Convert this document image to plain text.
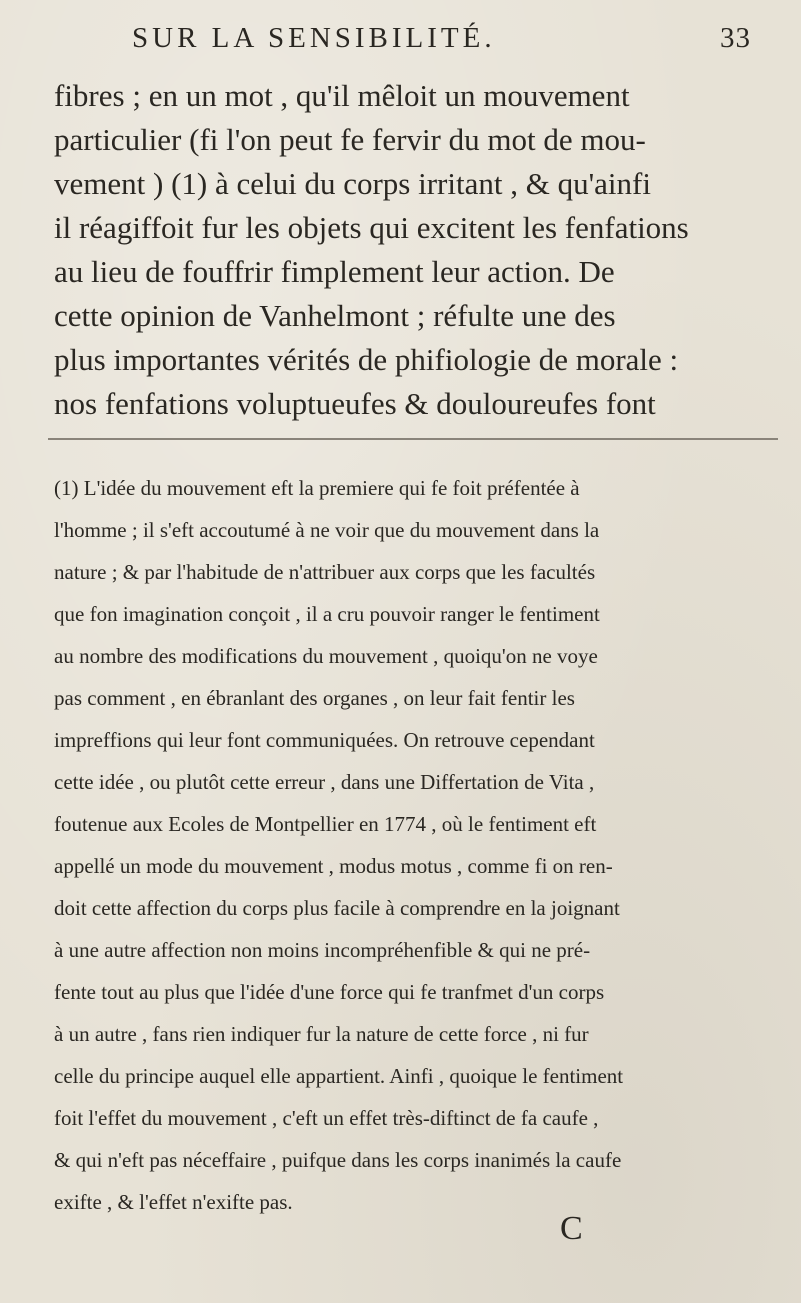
SUR LA SENSIBILITÉ.	33
fibres ; en un mot , qu'il mêloit un mouvement
particulier (fi l'on peut fe fervir du mot de mou-
vement ) (1) à celui du corps irritant , & qu'ainfi
il réagiffoit fur les objets qui excitent les fenfations
au lieu de fouffrir fimplement leur action. De
cette opinion de Vanhelmont ; réfulte une des
plus importantes vérités de phifiologie de morale :
nos fenfations voluptueufes & douloureufes font
(1) L'idée du mouvement eft la premiere qui fe foit préfentée à
l'homme ; il s'eft accoutumé à ne voir que du mouvement dans la
nature ; & par l'habitude de n'attribuer aux corps que les facultés
que fon imagination conçoit , il a cru pouvoir ranger le fentiment
au nombre des modifications du mouvement , quoiqu'on ne voye
pas comment , en ébranlant des organes , on leur fait fentir les
impreffions qui leur font communiquées. On retrouve cependant
cette idée , ou plutôt cette erreur , dans une Differtation de Vita ,
foutenue aux Ecoles de Montpellier en 1774 , où le fentiment eft
appellé un mode du mouvement , modus motus , comme fi on ren-
doit cette affection du corps plus facile à comprendre en la joignant
à une autre affection non moins incompréhenfible & qui ne pré-
fente tout au plus que l'idée d'une force qui fe tranfmet d'un corps
à un autre , fans rien indiquer fur la nature de cette force , ni fur
celle du principe auquel elle appartient. Ainfi , quoique le fentiment
foit l'effet du mouvement , c'eft un effet très-diftinct de fa caufe ,
& qui n'eft pas néceffaire , puifque dans les corps inanimés la caufe
exifte , & l'effet n'exifte pas.
C
